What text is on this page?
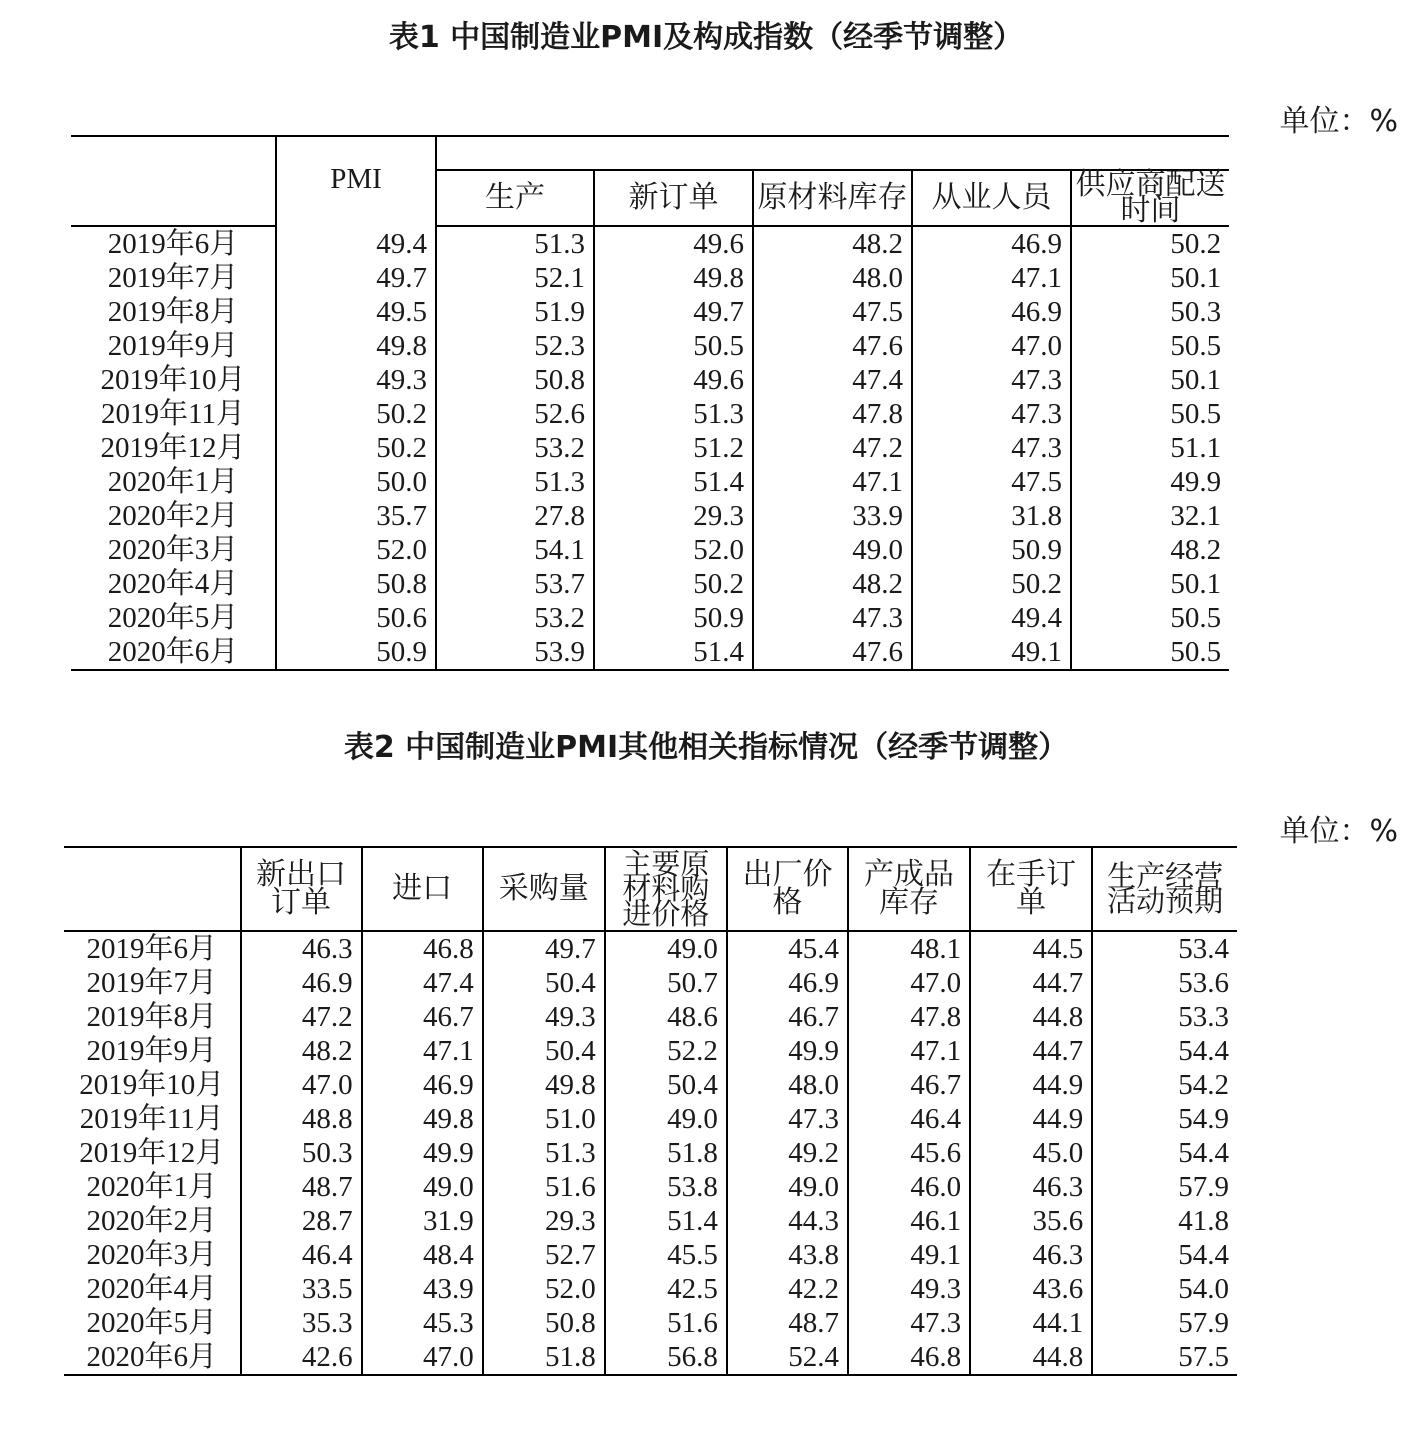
表1 中国制造业PMI及构成指数（经季节调整）
单位：%
	PMI					
		生产	新订单	原材料库存	从业人员	供应商配送时间
2019年6月	49.4	51.3	49.6	48.2	46.9	50.2
2019年7月	49.7	52.1	49.8	48.0	47.1	50.1
2019年8月	49.5	51.9	49.7	47.5	46.9	50.3
2019年9月	49.8	52.3	50.5	47.6	47.0	50.5
2019年10月	49.3	50.8	49.6	47.4	47.3	50.1
2019年11月	50.2	52.6	51.3	47.8	47.3	50.5
2019年12月	50.2	53.2	51.2	47.2	47.3	51.1
2020年1月	50.0	51.3	51.4	47.1	47.5	49.9
2020年2月	35.7	27.8	29.3	33.9	31.8	32.1
2020年3月	52.0	54.1	52.0	49.0	50.9	48.2
2020年4月	50.8	53.7	50.2	48.2	50.2	50.1
2020年5月	50.6	53.2	50.9	47.3	49.4	50.5
2020年6月	50.9	53.9	51.4	47.6	49.1	50.5
表2 中国制造业PMI其他相关指标情况（经季节调整）
单位：%
	新出口订单	进口	采购量	主要原材料购进价格	出厂价格	产成品库存	在手订单	生产经营活动预期
2019年6月	46.3	46.8	49.7	49.0	45.4	48.1	44.5	53.4
2019年7月	46.9	47.4	50.4	50.7	46.9	47.0	44.7	53.6
2019年8月	47.2	46.7	49.3	48.6	46.7	47.8	44.8	53.3
2019年9月	48.2	47.1	50.4	52.2	49.9	47.1	44.7	54.4
2019年10月	47.0	46.9	49.8	50.4	48.0	46.7	44.9	54.2
2019年11月	48.8	49.8	51.0	49.0	47.3	46.4	44.9	54.9
2019年12月	50.3	49.9	51.3	51.8	49.2	45.6	45.0	54.4
2020年1月	48.7	49.0	51.6	53.8	49.0	46.0	46.3	57.9
2020年2月	28.7	31.9	29.3	51.4	44.3	46.1	35.6	41.8
2020年3月	46.4	48.4	52.7	45.5	43.8	49.1	46.3	54.4
2020年4月	33.5	43.9	52.0	42.5	42.2	49.3	43.6	54.0
2020年5月	35.3	45.3	50.8	51.6	48.7	47.3	44.1	57.9
2020年6月	42.6	47.0	51.8	56.8	52.4	46.8	44.8	57.5
